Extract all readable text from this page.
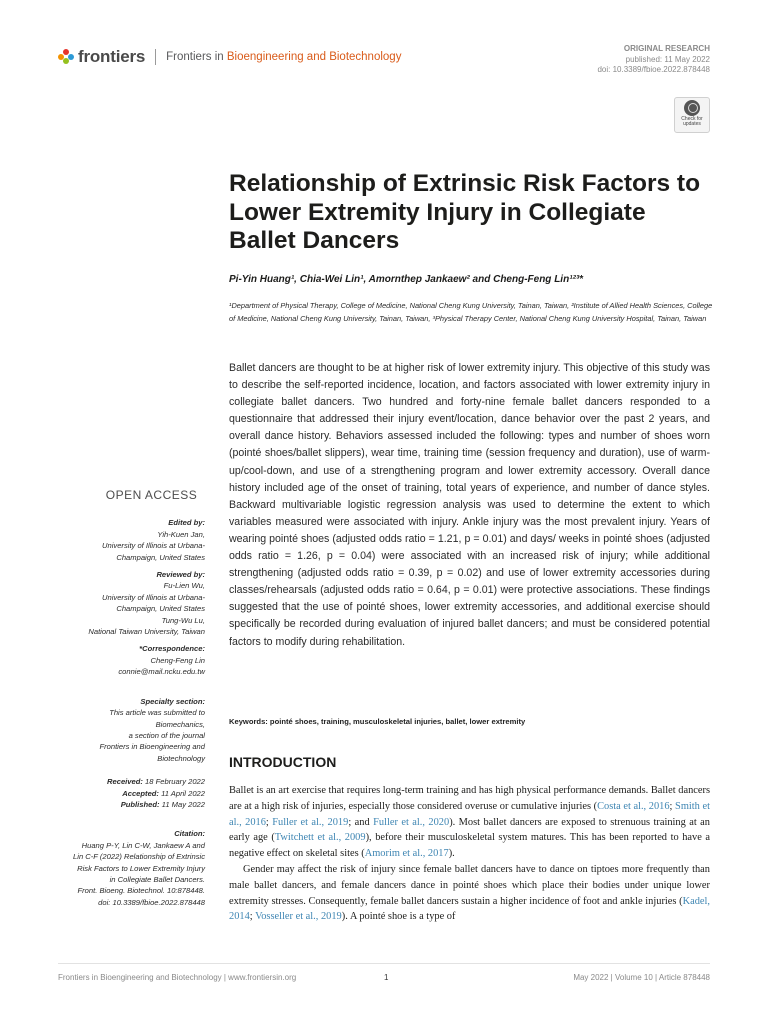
frontiers Frontiers in Bioengineering and Biotechnology
ORIGINAL RESEARCH
published: 11 May 2022
doi: 10.3389/fbioe.2022.878448
Check for updates
Relationship of Extrinsic Risk Factors to Lower Extremity Injury in Collegiate Ballet Dancers
Pi-Yin Huang¹, Chia-Wei Lin¹, Amornthep Jankaew² and Cheng-Feng Lin¹²³*
¹Department of Physical Therapy, College of Medicine, National Cheng Kung University, Tainan, Taiwan, ²Institute of Allied Health Sciences, College of Medicine, National Cheng Kung University, Tainan, Taiwan, ³Physical Therapy Center, National Cheng Kung University Hospital, Tainan, Taiwan
Ballet dancers are thought to be at higher risk of lower extremity injury. This objective of this study was to describe the self-reported incidence, location, and factors associated with lower extremity injury in collegiate ballet dancers. Two hundred and forty-nine female ballet dancers responded to a questionnaire that addressed their injury event/location, dance behavior over the past 2 years, and overall dance history. Behaviors assessed included the following: types and number of shoes worn (pointé shoes/ballet slippers), wear time, training time (session frequency and duration), use of warm-up/cool-down, and use of a strengthening program and lower extremity accessory. Overall dance history included age of the onset of training, total years of experience, and number of dance styles. Backward multivariable logistic regression analysis was used to determine the extent to which variables measured were associated with injury. Ankle injury was the most prevalent injury. Years of wearing pointé shoes (adjusted odds ratio = 1.21, p = 0.01) and days/ weeks in pointé shoes (adjusted odds ratio = 1.26, p = 0.04) were associated with an increased risk of injury; while additional strengthening (adjusted odds ratio = 0.39, p = 0.02) and use of lower extremity accessories during classes/rehearsals (adjusted odds ratio = 0.64, p = 0.01) were protective associations. These findings suggested that the use of pointé shoes, lower extremity accessories, and additional exercise should specifically be recorded during evaluation of injured ballet dancers; and must be considered potential factors to modify during rehabilitation.
Keywords: pointé shoes, training, musculoskeletal injuries, ballet, lower extremity
INTRODUCTION

Ballet is an art exercise that requires long-term training and has high physical performance demands. Ballet dancers are at a high risk of injuries, especially those considered overuse or cumulative injuries (Costa et al., 2016; Smith et al., 2016; Fuller et al., 2019; and Fuller et al., 2020). Most ballet dancers are exposed to strenuous training at an early age (Twitchett et al., 2009), before their musculoskeletal system matures. This has been reported to have a negative effect on skeletal sites (Amorim et al., 2017).

Gender may affect the risk of injury since female ballet dancers have to dance on tiptoes more frequently than male ballet dancers, and female dancers dance in pointé shoes which place their bodies under unique lower extremity stresses. Consequently, female ballet dancers sustain a higher incidence of foot and ankle injuries (Kadel, 2014; Vosseller et al., 2019). A pointé shoe is a type of

OPEN ACCESS
Edited by:
Yih-Kuen Jan,
University of Illinois at Urbana-
Champaign, United States
Reviewed by:
Fu-Lien Wu,
University of Illinois at Urbana-
Champaign, United States
Tung-Wu Lu,
National Taiwan University, Taiwan
*Correspondence:
Cheng-Feng Lin
connie@mail.ncku.edu.tw
Specialty section:
This article was submitted to
Biomechanics,
a section of the journal
Frontiers in Bioengineering and
Biotechnology
Received: 18 February 2022
Accepted: 11 April 2022
Published: 11 May 2022
Citation:
Huang P-Y, Lin C-W, Jankaew A and
Lin C-F (2022) Relationship of Extrinsic
Risk Factors to Lower Extremity Injury
in Collegiate Ballet Dancers.
Front. Bioeng. Biotechnol. 10:878448.
doi: 10.3389/fbioe.2022.878448
Frontiers in Bioengineering and Biotechnology | www.frontiersin.org	1	May 2022 | Volume 10 | Article 878448
